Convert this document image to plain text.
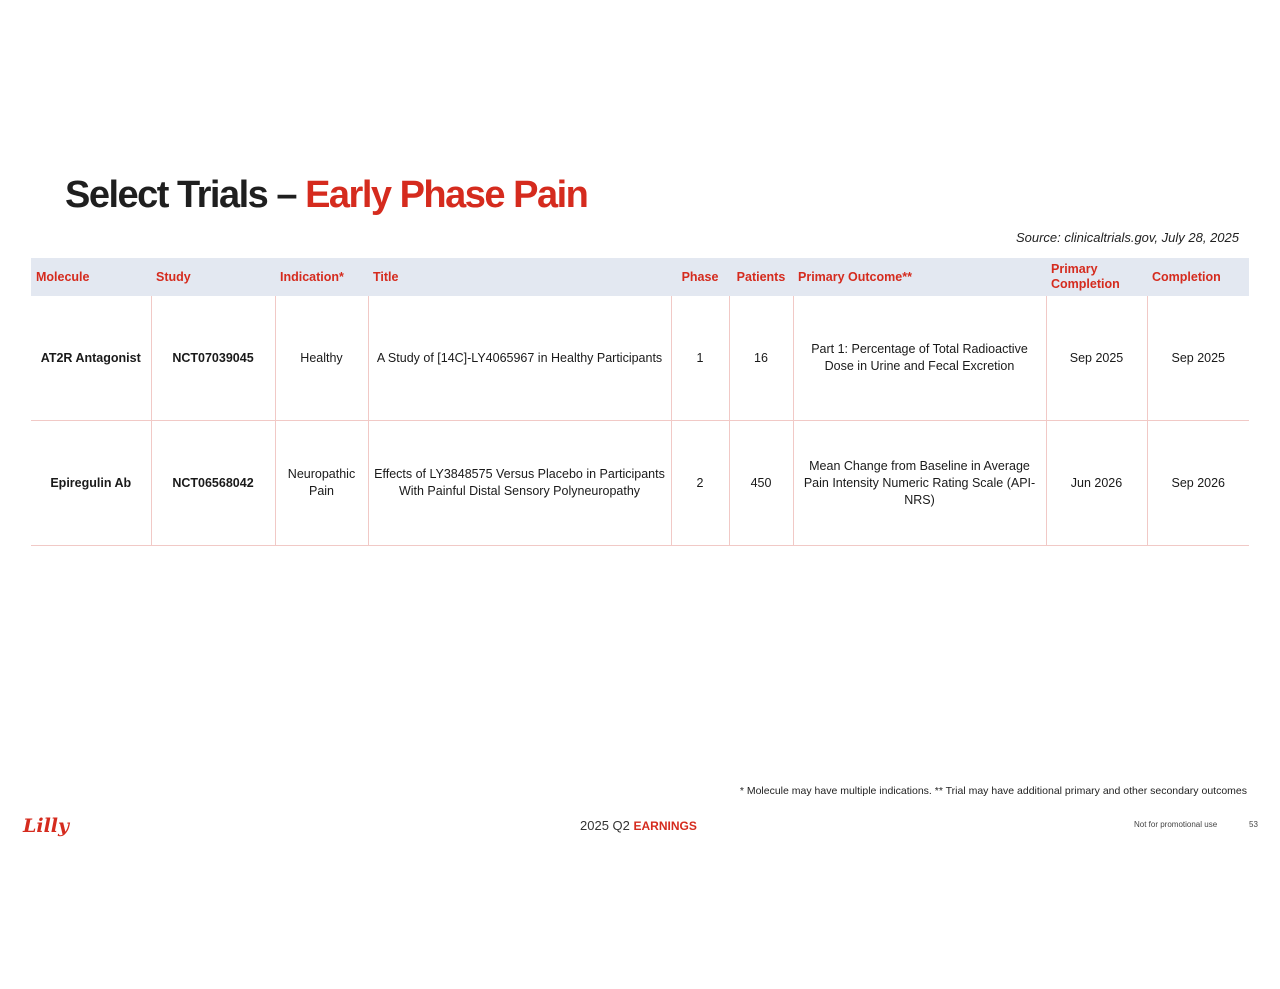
Select Trials – Early Phase Pain
Source: clinicaltrials.gov, July 28, 2025
Molecule	Study	Indication*	Title	Phase	Patients	Primary Outcome**	Primary Completion	Completion
AT2R Antagonist	NCT07039045	Healthy	A Study of [14C]-LY4065967 in Healthy Participants	1	16	Part 1: Percentage of Total Radioactive Dose in Urine and Fecal Excretion	Sep 2025	Sep 2025
Epiregulin Ab	NCT06568042	Neuropathic Pain	Effects of LY3848575 Versus Placebo in Participants With Painful Distal Sensory Polyneuropathy	2	450	Mean Change from Baseline in Average Pain Intensity Numeric Rating Scale (API-NRS)	Jun 2026	Sep 2026
* Molecule may have multiple indications. ** Trial may have additional primary and other secondary outcomes
Lilly	2025 Q2 EARNINGS	Not for promotional use	53
